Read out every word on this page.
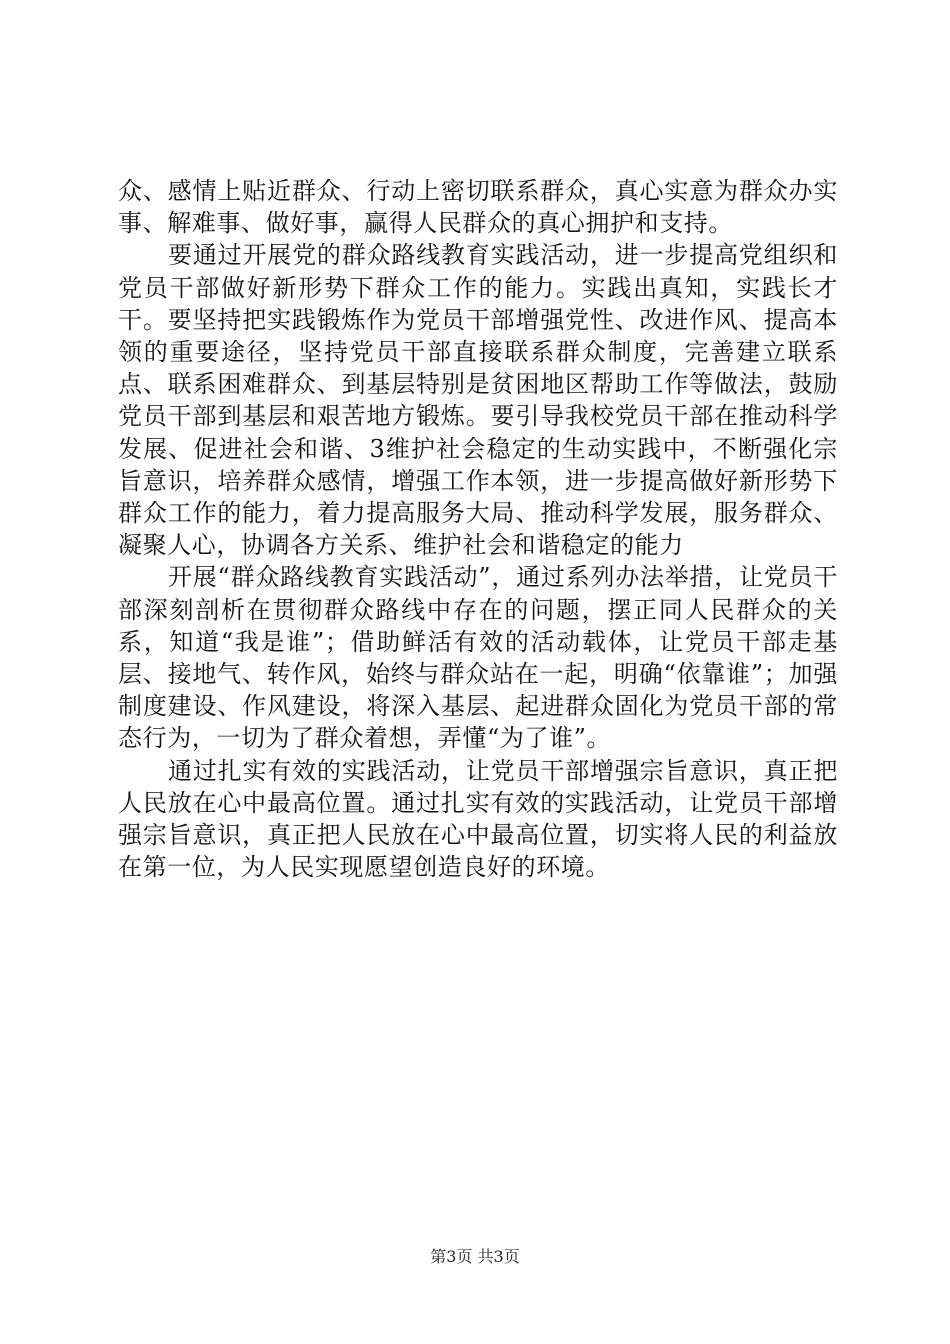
众、感情上贴近群众、行动上密切联系群众，真心实意为群众办实事、解难事、做好事，赢得人民群众的真心拥护和支持。

要通过开展党的群众路线教育实践活动，进一步提高党组织和党员干部做好新形势下群众工作的能力。实践出真知，实践长才干。要坚持把实践锻炼作为党员干部增强党性、改进作风、提高本领的重要途径，坚持党员干部直接联系群众制度，完善建立联系点、联系困难群众、到基层特别是贫困地区帮助工作等做法，鼓励党员干部到基层和艰苦地方锻炼。要引导我校党员干部在推动科学发展、促进社会和谐、3维护社会稳定的生动实践中，不断强化宗旨意识，培养群众感情，增强工作本领，进一步提高做好新形势下群众工作的能力，着力提高服务大局、推动科学发展，服务群众、凝聚人心，协调各方关系、维护社会和谐稳定的能力

开展“群众路线教育实践活动”，通过系列办法举措，让党员干部深刻剖析在贯彻群众路线中存在的问题，摆正同人民群众的关系，知道“我是谁”；借助鲜活有效的活动载体，让党员干部走基层、接地气、转作风，始终与群众站在一起，明确“依靠谁”；加强制度建设、作风建设，将深入基层、起进群众固化为党员干部的常态行为，一切为了群众着想，弄懂“为了谁”。

通过扎实有效的实践活动，让党员干部增强宗旨意识，真正把人民放在心中最高位置。通过扎实有效的实践活动，让党员干部增强宗旨意识，真正把人民放在心中最高位置，切实将人民的利益放在第一位，为人民实现愿望创造良好的环境。

第3页 共3页
